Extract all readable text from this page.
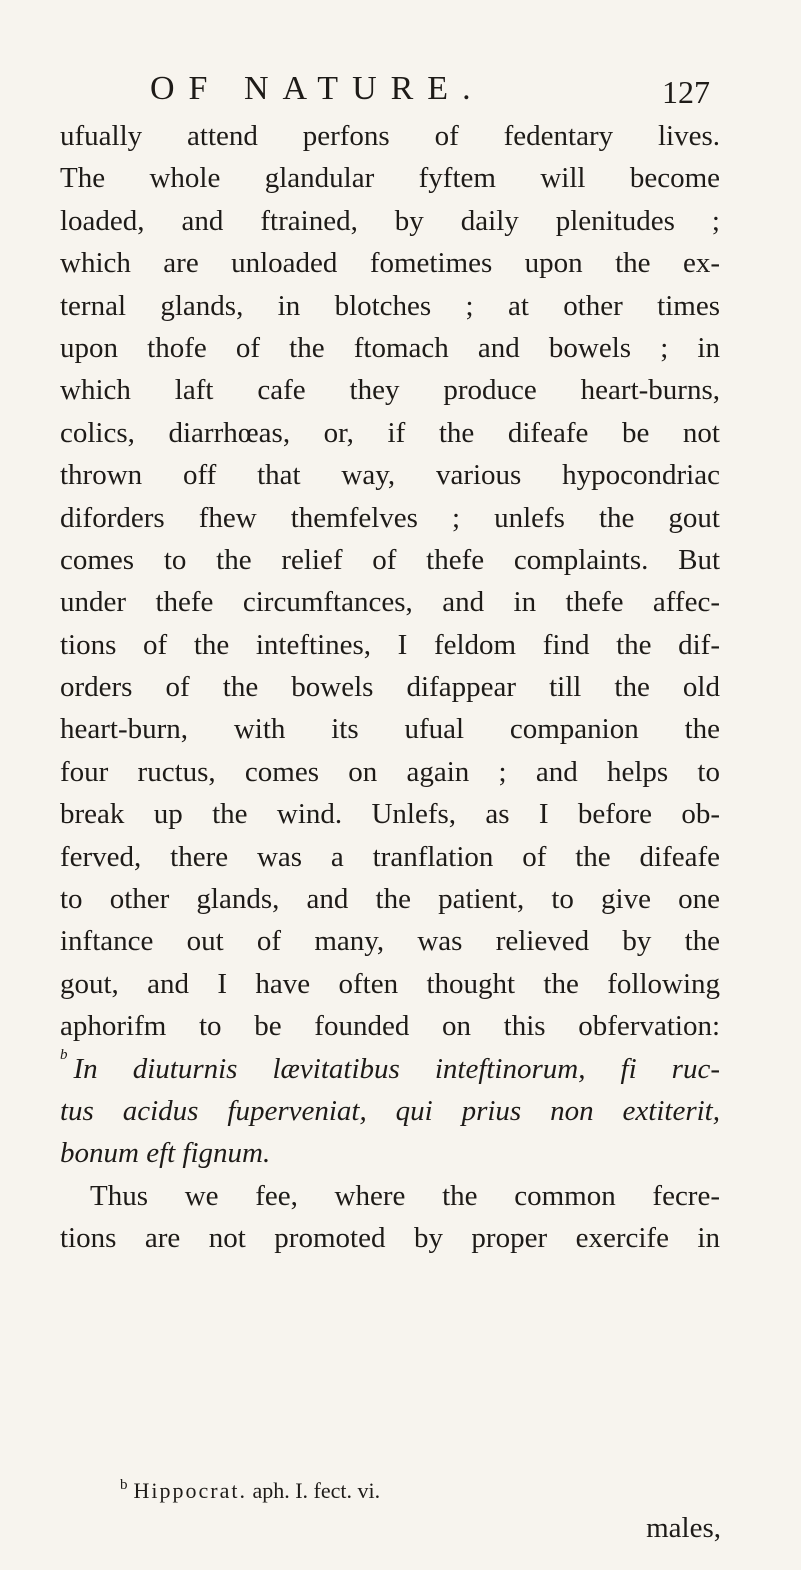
OF NATURE.	127
ufually attend perfons of fedentary lives.
The whole glandular fyftem will become
loaded, and ftrained, by daily plenitudes ;
which are unloaded fometimes upon the ex-
ternal glands, in blotches ; at other times
upon thofe of the ftomach and bowels ; in
which laft cafe they produce heart-burns,
colics, diarrhœas, or, if the difeafe be not
thrown off that way, various hypocondriac
diforders fhew themfelves ; unlefs the gout
comes to the relief of thefe complaints. But
under thefe circumftances, and in thefe affec-
tions of the inteftines, I feldom find the dif-
orders of the bowels difappear till the old
heart-burn, with its ufual companion the
four ructus, comes on again ; and helps to
break up the wind. Unlefs, as I before ob-
ferved, there was a tranflation of the difeafe
to other glands, and the patient, to give one
inftance out of many, was relieved by the
gout, and I have often thought the following
aphorifm to be founded on this obfervation:
$^b$ In diuturnis lævitatibus inteftinorum, fi ruc-
tus acidus fuperveniat, qui prius non extiterit,
bonum eft fignum.
Thus we fee, where the common fecre-
tions are not promoted by proper exercife in
$^b$ Hippocrat. aph. I. fect. vi.
males,
